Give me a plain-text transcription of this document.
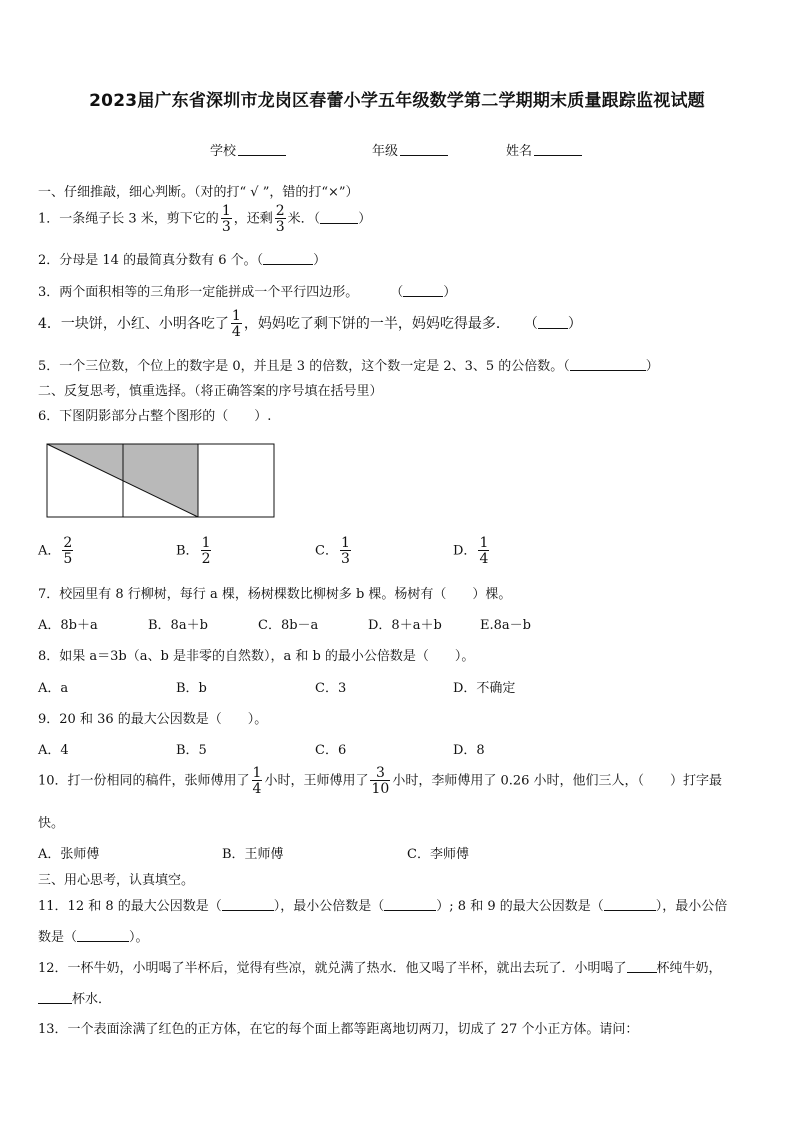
2023届广东省深圳市龙岗区春蕾小学五年级数学第二学期期末质量跟踪监视试题
学校	年级	姓名
一、仔细推敲，细心判断。（对的打“ √ ”，错的打“×”）
1．一条绳子长 3 米，剪下它的 $\frac{1}{3}$ ，还剩 $\frac{2}{3}$ 米．（	）
2．分母是 14 的最简真分数有 6 个。（	）
3．两个面积相等的三角形一定能拼成一个平行四边形。 （	）
4．一块饼，小红、小明各吃了 $\frac{1}{4}$ ，妈妈吃了剩下饼的一半，妈妈吃得最多． （ ）
5．一个三位数，个位上的数字是 0，并且是 3 的倍数，这个数一定是 2、3、5 的公倍数。（	）
二、反复思考，慎重选择。（将正确答案的序号填在括号里）
6．下图阴影部分占整个图形的（　　）.
A． $\frac{2}{5}$	B． $\frac{1}{2}$	C． $\frac{1}{3}$	D． $\frac{1}{4}$
7．校园里有 8 行柳树，每行 a 棵，杨树棵数比柳树多 b 棵。杨树有（　　）棵。
A．8b＋a	B．8a＋b	C．8b－a	D．8＋a＋b	E.8a－b
8．如果 a＝3b（a、b 是非零的自然数），a 和 b 的最小公倍数是（　　）。
A．a	B．b	C．3	D．不确定
9．20 和 36 的最大公因数是（　　）。
A．4	B．5	C．6	D．8
10．打一份相同的稿件，张师傅用了 $\frac{1}{4}$ 小时，王师傅用了 $\frac{3}{10}$ 小时，李师傅用了 0.26 小时，他们三人，（　　）打字最
快。
A．张师傅	B．王师傅	C．李师傅
三、用心思考，认真填空。
11．12 和 8 的最大公因数是（	），最小公倍数是（	）; 8 和 9 的最大公因数是（	），最小公倍
数是（	）。
12．一杯牛奶，小明喝了半杯后，觉得有些凉，就兑满了热水．他又喝了半杯，就出去玩了．小明喝了 杯纯牛奶，
杯水．
13．一个表面涂满了红色的正方体，在它的每个面上都等距离地切两刀，切成了 27 个小正方体。请问：
